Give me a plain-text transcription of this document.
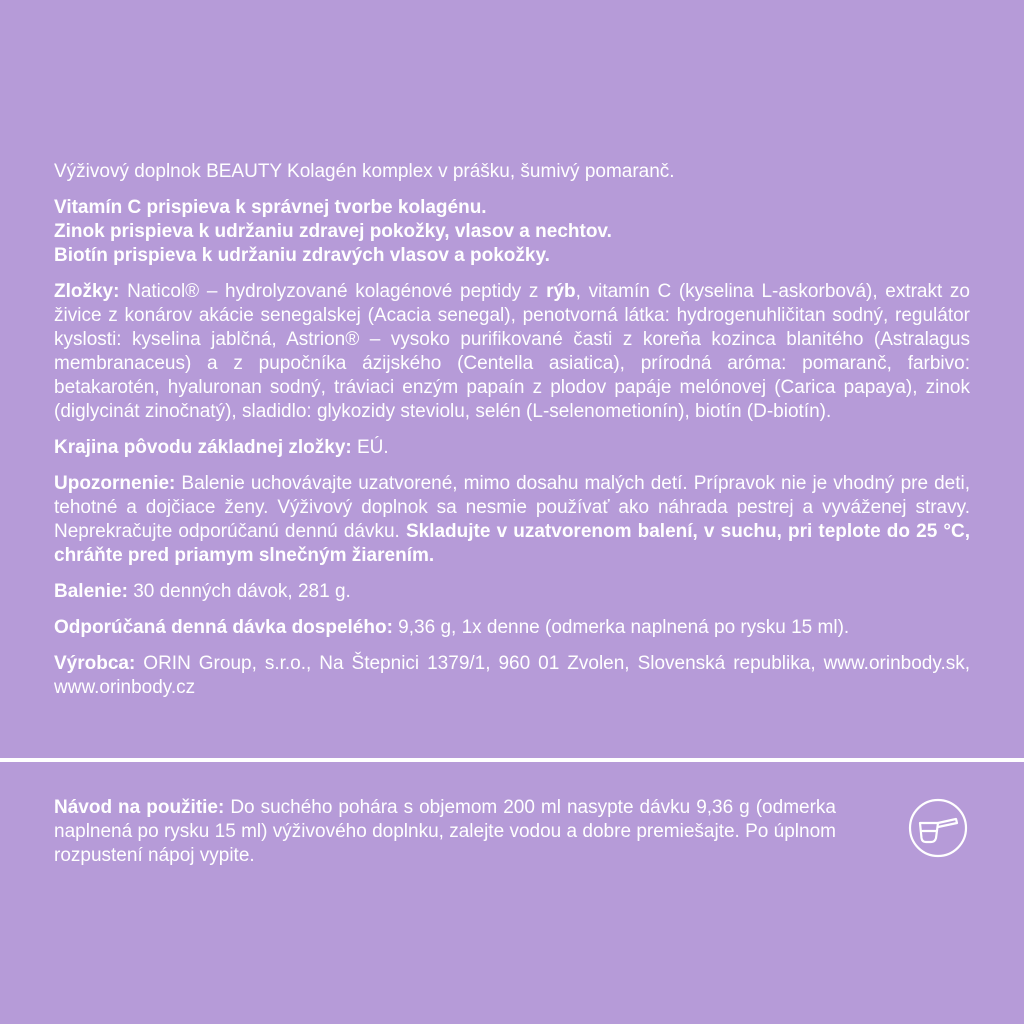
Výživový doplnok BEAUTY Kolagén komplex v prášku, šumivý pomaranč.

Vitamín C prispieva k správnej tvorbe kolagénu.
Zinok prispieva k udržaniu zdravej pokožky, vlasov a nechtov.
Biotín prispieva k udržaniu zdravých vlasov a pokožky.

Zložky: Naticol® – hydrolyzované kolagénové peptidy z rýb, vitamín C (kyselina L-askorbová), extrakt zo živice z konárov akácie senegalskej (Acacia senegal), penotvorná látka: hydrogenuhličitan sodný, regulátor kyslosti: kyselina jablčná, Astrion® – vysoko purifikované časti z koreňa kozinca blanitého (Astralagus membranaceus) a z pupočníka ázijského (Centella asiatica), prírodná aróma: pomaranč, farbivo: betakarotén, hyaluronan sodný, tráviaci enzým papaín z plodov papáje melónovej (Carica papaya), zinok (diglycinát zinočnatý), sladidlo: glykozidy steviolu, selén (L-selenometionín), biotín (D-biotín).

Krajina pôvodu základnej zložky: EÚ.

Upozornenie: Balenie uchovávajte uzatvorené, mimo dosahu malých detí. Prípravok nie je vhodný pre deti, tehotné a dojčiace ženy. Výživový doplnok sa nesmie používať ako náhrada pestrej a vyváženej stravy. Neprekračujte odporúčanú dennú dávku. Skladujte v uzatvorenom balení, v suchu, pri teplote do 25 °C, chráňte pred priamym slnečným žiarením.

Balenie: 30 denných dávok, 281 g.

Odporúčaná denná dávka dospelého: 9,36 g, 1x denne (odmerka naplnená po rysku 15 ml).

Výrobca: ORIN Group, s.r.o., Na Štepnici 1379/1, 960 01 Zvolen, Slovenská republika, www.orinbody.sk, www.orinbody.cz

Návod na použitie: Do suchého pohára s objemom 200 ml nasypte dávku 9,36 g (odmerka naplnená po rysku 15 ml) výživového doplnku, zalejte vodou a dobre premiešajte. Po úplnom rozpustení nápoj vypite.
